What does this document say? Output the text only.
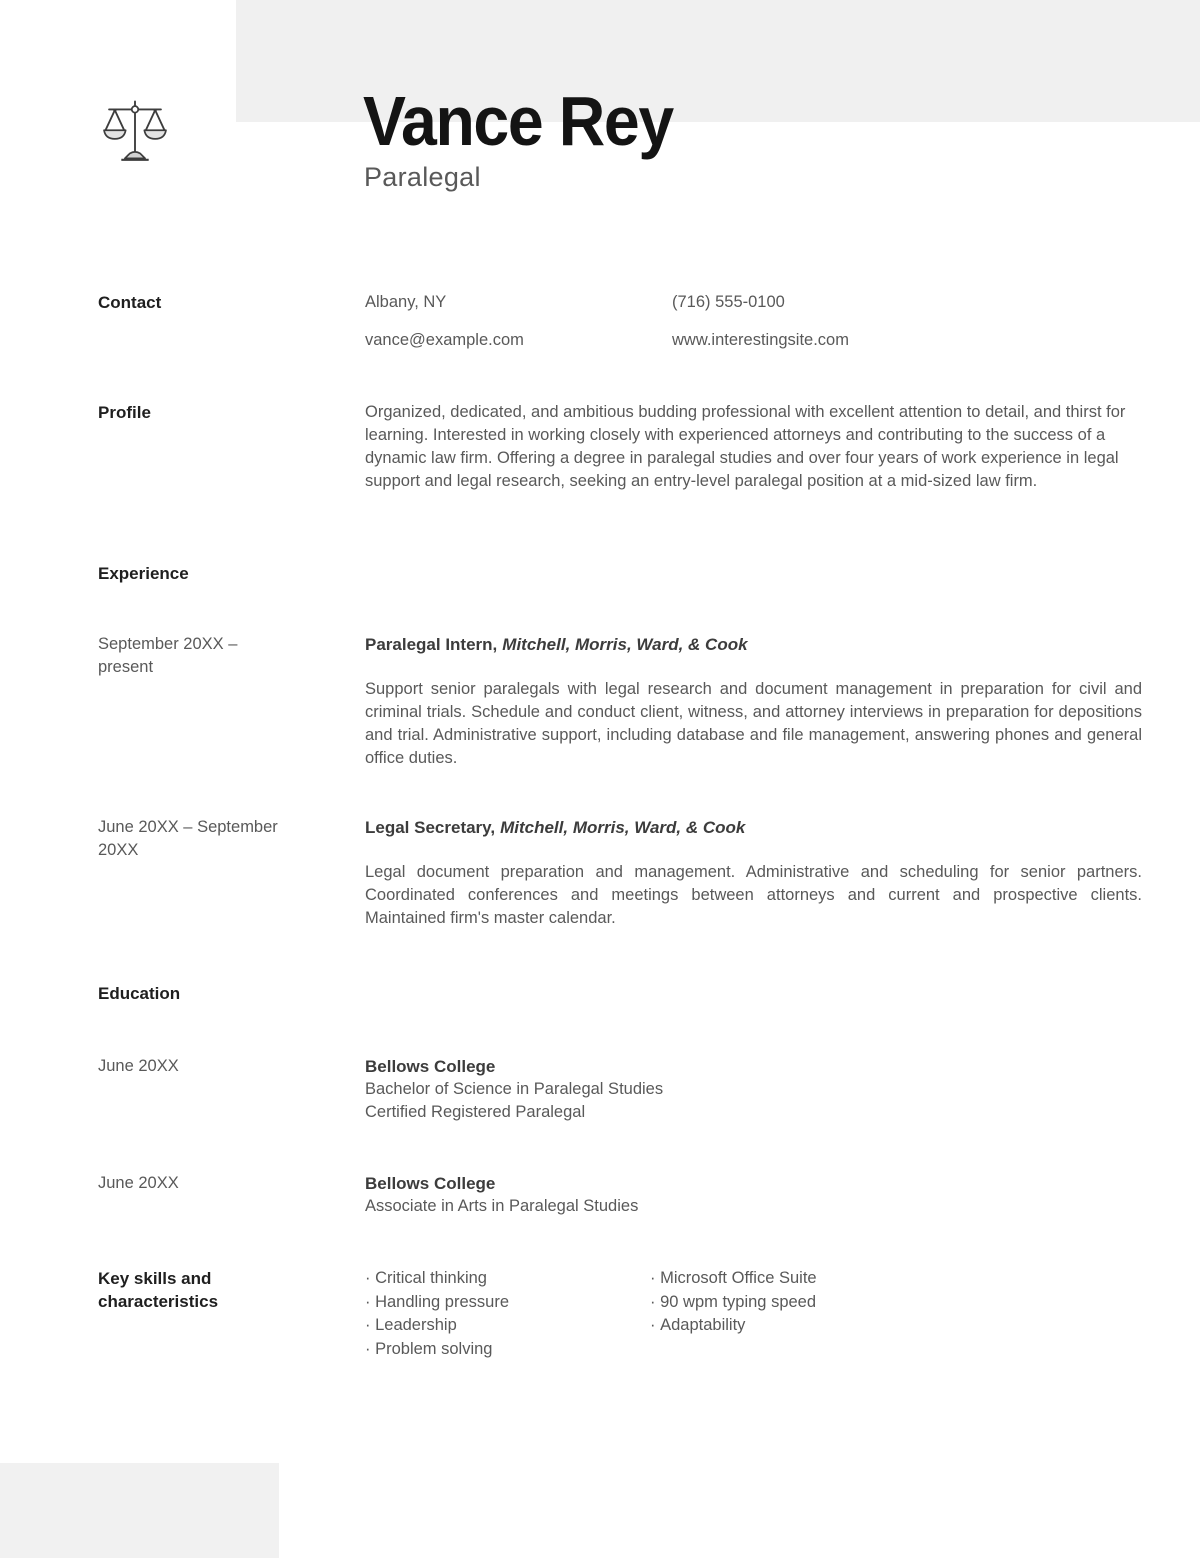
Vance Rey
Paralegal
Contact	Albany, NY	(716) 555-0100
vance@example.com	www.interestingsite.com
Profile	Organized, dedicated, and ambitious budding professional with excellent attention to detail, and thirst for learning. Interested in working closely with experienced attorneys and contributing to the success of a dynamic law firm. Offering a degree in paralegal studies and over four years of work experience in legal support and legal research, seeking an entry-level paralegal position at a mid-sized law firm.
Experience
September 20XX – present
Paralegal Intern, Mitchell, Morris, Ward, & Cook
Support senior paralegals with legal research and document management in preparation for civil and criminal trials. Schedule and conduct client, witness, and attorney interviews in preparation for depositions and trial. Administrative support, including database and file management, answering phones and general office duties.
June 20XX – September 20XX
Legal Secretary, Mitchell, Morris, Ward, & Cook
Legal document preparation and management. Administrative and scheduling for senior partners. Coordinated conferences and meetings between attorneys and current and prospective clients. Maintained firm's master calendar.
Education
June 20XX	Bellows College
Bachelor of Science in Paralegal Studies
Certified Registered Paralegal
June 20XX	Bellows College
Associate in Arts in Paralegal Studies
Key skills and characteristics
· Critical thinking
· Handling pressure
· Leadership
· Problem solving
· Microsoft Office Suite
· 90 wpm typing speed
· Adaptability
